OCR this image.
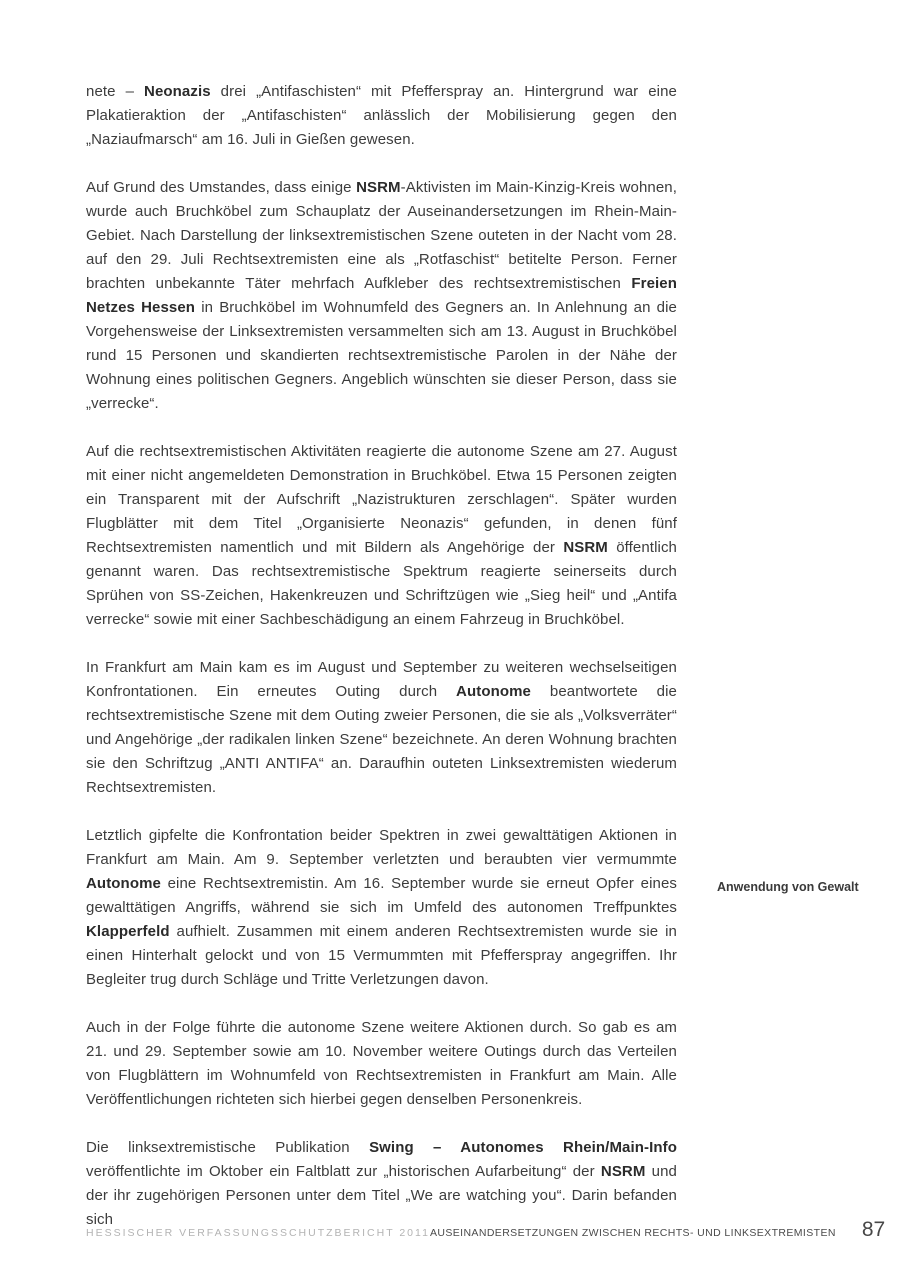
nete – Neonazis drei „Antifaschisten“ mit Pfefferspray an. Hintergrund war eine Plakatieraktion der „Antifaschisten“ anlässlich der Mobilisierung gegen den „Naziaufmarsch“ am 16. Juli in Gießen gewesen.

Auf Grund des Umstandes, dass einige NSRM-Aktivisten im Main-Kinzig-Kreis wohnen, wurde auch Bruchköbel zum Schauplatz der Auseinandersetzungen im Rhein-Main-Gebiet. Nach Darstellung der linksextremistischen Szene outeten in der Nacht vom 28. auf den 29. Juli Rechtsextremisten eine als „Rotfaschist“ betitelte Person. Ferner brachten unbekannte Täter mehrfach Aufkleber des rechtsextremistischen Freien Netzes Hessen in Bruchköbel im Wohnumfeld des Gegners an. In Anlehnung an die Vorgehensweise der Linksextremisten versammelten sich am 13. August in Bruchköbel rund 15 Personen und skandierten rechtsextremistische Parolen in der Nähe der Wohnung eines politischen Gegners. Angeblich wünschten sie dieser Person, dass sie „verrecke“.

Auf die rechtsextremistischen Aktivitäten reagierte die autonome Szene am 27. August mit einer nicht angemeldeten Demonstration in Bruchköbel. Etwa 15 Personen zeigten ein Transparent mit der Aufschrift „Nazistrukturen zerschlagen“. Später wurden Flugblätter mit dem Titel „Organisierte Neonazis“ gefunden, in denen fünf Rechtsextremisten namentlich und mit Bildern als Angehörige der NSRM öffentlich genannt waren. Das rechtsextremistische Spektrum reagierte seinerseits durch Sprühen von SS-Zeichen, Hakenkreuzen und Schriftzügen wie „Sieg heil“ und „Antifa verrecke“ sowie mit einer Sachbeschädigung an einem Fahrzeug in Bruchköbel.

In Frankfurt am Main kam es im August und September zu weiteren wechselseitigen Konfrontationen. Ein erneutes Outing durch Autonome beantwortete die rechtsextremistische Szene mit dem Outing zweier Personen, die sie als „Volksverräter“ und Angehörige „der radikalen linken Szene“ bezeichnete. An deren Wohnung brachten sie den Schriftzug „ANTI ANTIFA“ an. Daraufhin outeten Linksextremisten wiederum Rechtsextremisten.

Letztlich gipfelte die Konfrontation beider Spektren in zwei gewalttätigen Aktionen in Frankfurt am Main. Am 9. September verletzten und beraubten vier vermummte Autonome eine Rechtsextremistin. Am 16. September wurde sie erneut Opfer eines gewalttätigen Angriffs, während sie sich im Umfeld des autonomen Treffpunktes Klapperfeld aufhielt. Zusammen mit einem anderen Rechtsextremisten wurde sie in einen Hinterhalt gelockt und von 15 Vermummten mit Pfefferspray angegriffen. Ihr Begleiter trug durch Schläge und Tritte Verletzungen davon.

Auch in der Folge führte die autonome Szene weitere Aktionen durch. So gab es am 21. und 29. September sowie am 10. November weitere Outings durch das Verteilen von Flugblättern im Wohnumfeld von Rechtsextremisten in Frankfurt am Main. Alle Veröffentlichungen richteten sich hierbei gegen denselben Personenkreis.

Die linksextremistische Publikation Swing – Autonomes Rhein/Main-Info veröffentlichte im Oktober ein Faltblatt zur „historischen Aufarbeitung“ der NSRM und der ihr zugehörigen Personen unter dem Titel „We are watching you“. Darin befanden sich

Anwendung von Gewalt
HESSISCHER VERFASSUNGSSCHUTZBERICHT 2011 AUSEINANDERSETZUNGEN ZWISCHEN RECHTS- UND LINKSEXTREMISTEN 87
